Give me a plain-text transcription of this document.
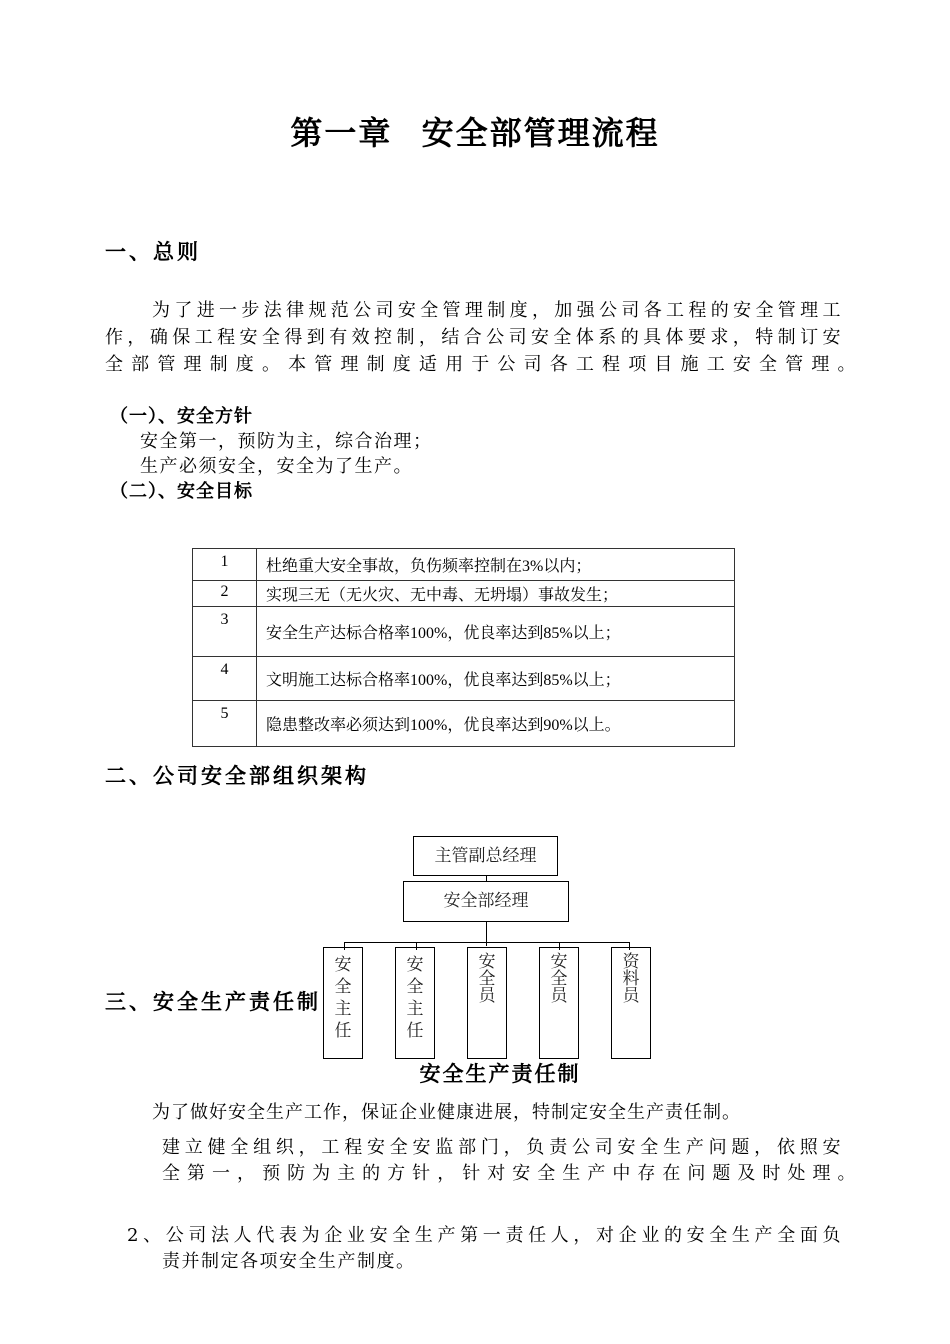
第一章 安全部管理流程
一、总则
为了进一步法律规范公司安全管理制度，加强公司各工程的安全管理工
作，确保工程安全得到有效控制，结合公司安全体系的具体要求，特制订安
全部管理制度。本管理制度适用于公司各工程项目施工安全管理。
（一）、安全方针
安全第一，预防为主，综合治理；
生产必须安全，安全为了生产。
（二）、安全目标
1	杜绝重大安全事故，负伤频率控制在3%以内；
2	实现三无（无火灾、无中毒、无坍塌）事故发生；
3	安全生产达标合格率100%，优良率达到85%以上；
4	文明施工达标合格率100%，优良率达到85%以上；
5	隐患整改率必须达到100%，优良率达到90%以上。
二、公司安全部组织架构
主管副总经理
安全部经理
安全主任
安全主任
安全员
安全员
资料员
三、安全生产责任制
安全生产责任制
为了做好安全生产工作，保证企业健康进展，特制定安全生产责任制。
建立健全组织，工程安全安监部门，负责公司安全生产问题，依照安
全第一，预防为主的方针，针对安全生产中存在问题及时处理。
2、公司法人代表为企业安全生产第一责任人，对企业的安全生产全面负
责并制定各项安全生产制度。
